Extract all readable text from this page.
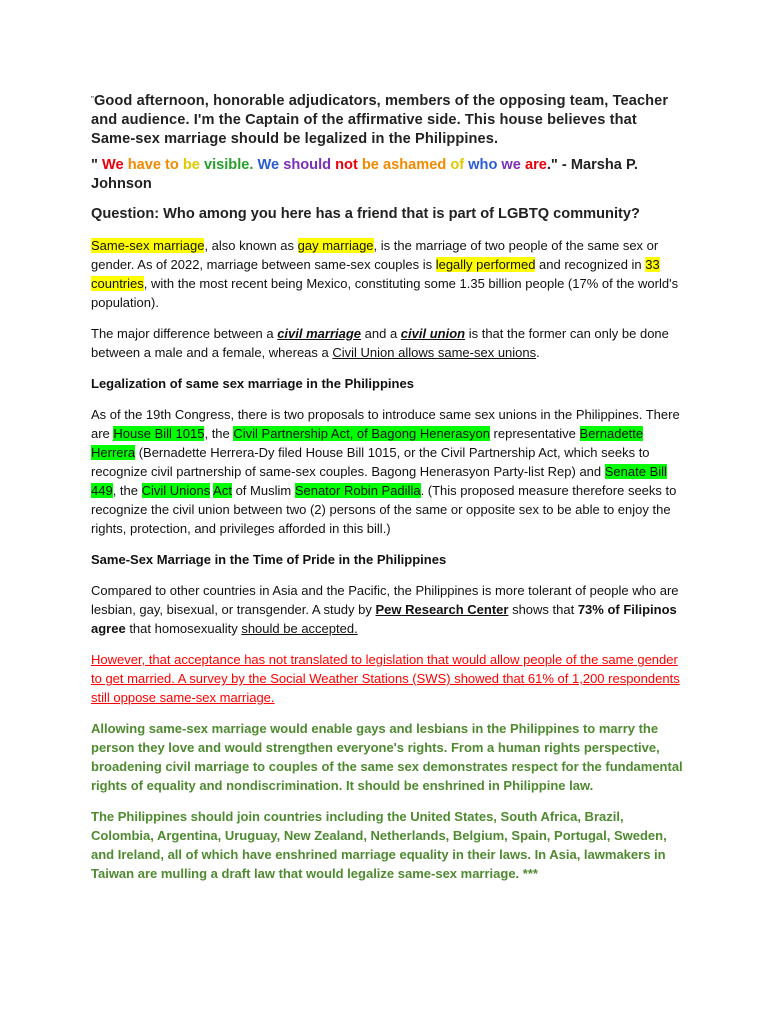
"Good afternoon, honorable adjudicators, members of the opposing team, Teacher and audience. I'm the Captain of the affirmative side. This house believes that Same-sex marriage should be legalized in the Philippines.

" We have to be visible. We should not be ashamed of who we are." - Marsha P. Johnson

Question: Who among you here has a friend that is part of LGBTQ community?

Same-sex marriage, also known as gay marriage, is the marriage of two people of the same sex or gender. As of 2022, marriage between same-sex couples is legally performed and recognized in 33 countries, with the most recent being Mexico, constituting some 1.35 billion people (17% of the world's population).

The major difference between a civil marriage and a civil union is that the former can only be done between a male and a female, whereas a Civil Union allows same-sex unions.

Legalization of same sex marriage in the Philippines

As of the 19th Congress, there is two proposals to introduce same sex unions in the Philippines. There are House Bill 1015, the Civil Partnership Act, of Bagong Henerasyon representative Bernadette Herrera (Bernadette Herrera-Dy filed House Bill 1015, or the Civil Partnership Act, which seeks to recognize civil partnership of same-sex couples. Bagong Henerasyon Party-list Rep) and Senate Bill 449, the Civil Unions Act of Muslim Senator Robin Padilla. (This proposed measure therefore seeks to recognize the civil union between two (2) persons of the same or opposite sex to be able to enjoy the rights, protection, and privileges afforded in this bill.)

Same-Sex Marriage in the Time of Pride in the Philippines

Compared to other countries in Asia and the Pacific, the Philippines is more tolerant of people who are lesbian, gay, bisexual, or transgender. A study by Pew Research Center shows that 73% of Filipinos agree that homosexuality should be accepted.

However, that acceptance has not translated to legislation that would allow people of the same gender to get married. A survey by the Social Weather Stations (SWS) showed that 61% of 1,200 respondents still oppose same-sex marriage.

Allowing same-sex marriage would enable gays and lesbians in the Philippines to marry the person they love and would strengthen everyone's rights. From a human rights perspective, broadening civil marriage to couples of the same sex demonstrates respect for the fundamental rights of equality and nondiscrimination. It should be enshrined in Philippine law.

The Philippines should join countries including the United States, South Africa, Brazil, Colombia, Argentina, Uruguay, New Zealand, Netherlands, Belgium, Spain, Portugal, Sweden, and Ireland, all of which have enshrined marriage equality in their laws. In Asia, lawmakers in Taiwan are mulling a draft law that would legalize same-sex marriage. ***
